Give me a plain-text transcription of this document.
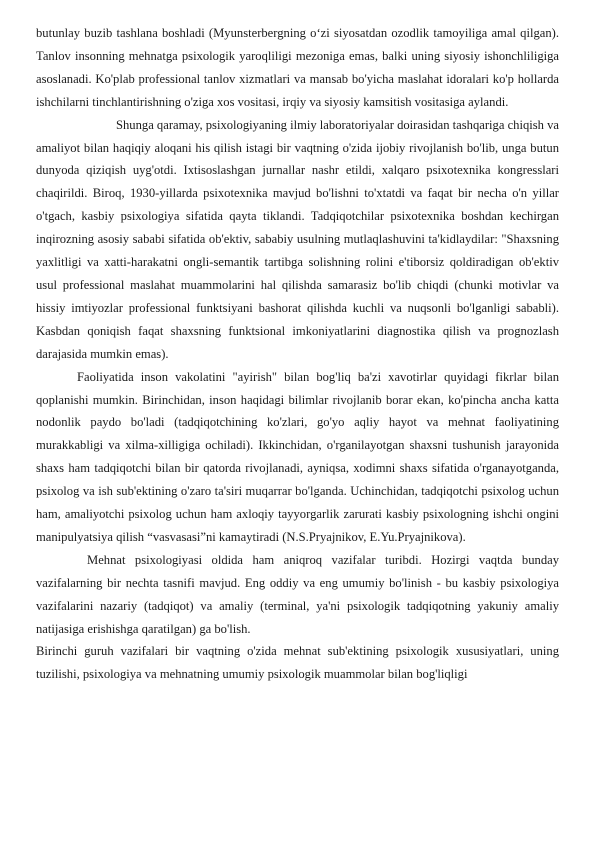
butunlay buzib tashlana boshladi (Myunsterbergning o‘zi siyosatdan ozodlik tamoyiliga amal qilgan). Tanlov insonning mehnatga psixologik yaroqliligi mezoniga emas, balki uning siyosiy ishonchliligiga asoslanadi. Ko'plab professional tanlov xizmatlari va mansab bo'yicha maslahat idoralari ko'p hollarda ishchilarni tinchlantirishning o'ziga xos vositasi, irqiy va siyosiy kamsitish vositasiga aylandi.

Shunga qaramay, psixologiyaning ilmiy laboratoriyalar doirasidan tashqariga chiqish va amaliyot bilan haqiqiy aloqani his qilish istagi bir vaqtning o'zida ijobiy rivojlanish bo'lib, unga butun dunyoda qiziqish uyg'otdi. Ixtisoslashgan jurnallar nashr etildi, xalqaro psixotexnika kongresslari chaqirildi. Biroq, 1930-yillarda psixotexnika mavjud bo'lishni to'xtatdi va faqat bir necha o'n yillar o'tgach, kasbiy psixologiya sifatida qayta tiklandi. Tadqiqotchilar psixotexnika boshdan kechirgan inqirozning asosiy sababi sifatida ob'ektiv, sababiy usulning mutlaqlashuvini ta'kidlaydilar: "Shaxsning yaxlitligi va xatti-harakatni ongli-semantik tartibga solishning rolini e'tiborsiz qoldiradigan ob'ektiv usul professional maslahat muammolarini hal qilishda samarasiz bo'lib chiqdi (chunki motivlar va hissiy imtiyozlar professional funktsiyani bashorat qilishda kuchli va nuqsonli bo'lganligi sababli). Kasbdan qoniqish faqat shaxsning funktsional imkoniyatlarini diagnostika qilish va prognozlash darajasida mumkin emas).

Faoliyatida inson vakolatini "ayirish" bilan bog'liq ba'zi xavotirlar quyidagi fikrlar bilan qoplanishi mumkin. Birinchidan, inson haqidagi bilimlar rivojlanib borar ekan, ko'pincha ancha katta nodonlik paydo bo'ladi (tadqiqotchining ko'zlari, go'yo aqliy hayot va mehnat faoliyatining murakkabligi va xilma-xilligiga ochiladi). Ikkinchidan, o'rganilayotgan shaxsni tushunish jarayonida shaxs ham tadqiqotchi bilan bir qatorda rivojlanadi, ayniqsa, xodimni shaxs sifatida o'rganayotganda, psixolog va ish sub'ektining o'zaro ta'siri muqarrar bo'lganda. Uchinchidan, tadqiqotchi psixolog uchun ham, amaliyotchi psixolog uchun ham axloqiy tayyorgarlik zarurati kasbiy psixologning ishchi ongini manipulyatsiya qilish “vasvasasi”ni kamaytiradi (N.S.Pryajnikov, E.Yu.Pryajnikova).

Mehnat psixologiyasi oldida ham aniqroq vazifalar turibdi. Hozirgi vaqtda bunday vazifalarning bir nechta tasnifi mavjud. Eng oddiy va eng umumiy bo'linish - bu kasbiy psixologiya vazifalarini nazariy (tadqiqot) va amaliy (terminal, ya'ni psixologik tadqiqotning yakuniy amaliy natijasiga erishishga qaratilgan) ga bo'lish.

Birinchi guruh vazifalari bir vaqtning o'zida mehnat sub'ektining psixologik xususiyatlari, uning tuzilishi, psixologiya va mehnatning umumiy psixologik muammolar bilan bog'liqligi
